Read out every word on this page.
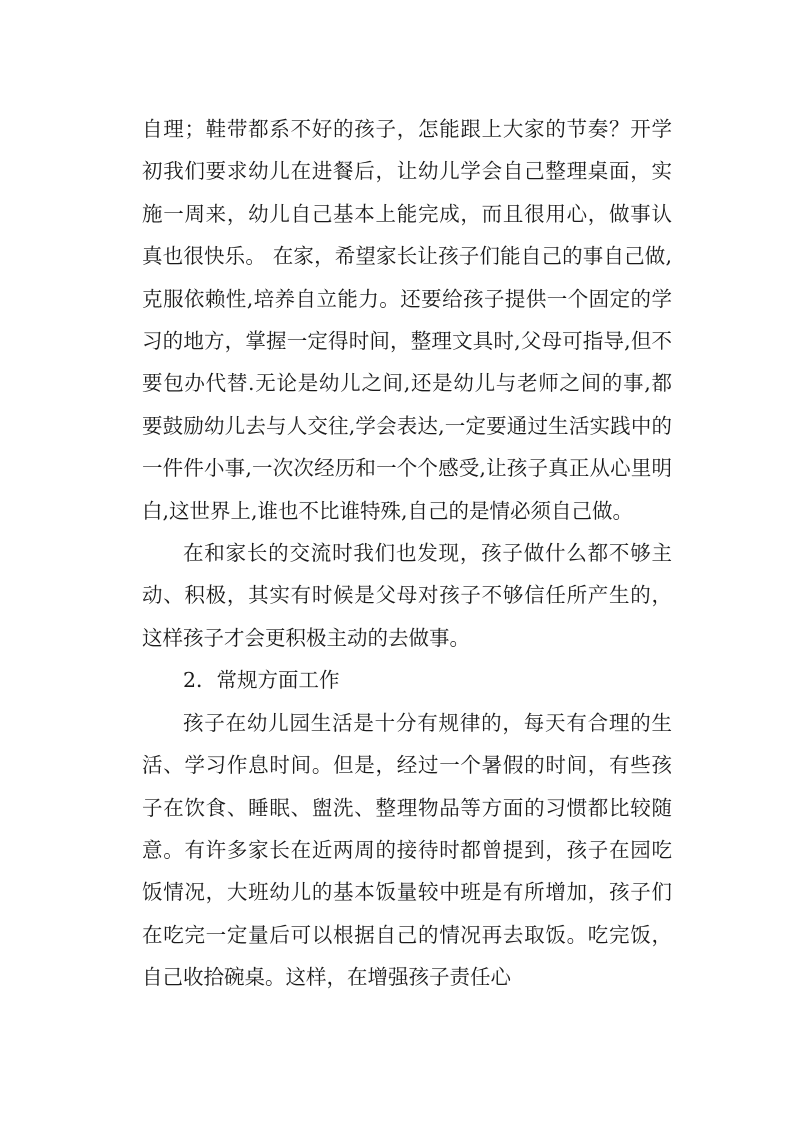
自理；鞋带都系不好的孩子，怎能跟上大家的节奏？开学初我们要求幼儿在进餐后，让幼儿学会自己整理桌面，实施一周来，幼儿自己基本上能完成，而且很用心，做事认真也很快乐。 在家，希望家长让孩子们能自己的事自己做,克服依赖性,培养自立能力。还要给孩子提供一个固定的学习的地方，掌握一定得时间，整理文具时,父母可指导,但不要包办代替.无论是幼儿之间,还是幼儿与老师之间的事,都要鼓励幼儿去与人交往,学会表达,一定要通过生活实践中的一件件小事,一次次经历和一个个感受,让孩子真正从心里明白,这世界上,谁也不比谁特殊,自己的是情必须自己做。

在和家长的交流时我们也发现，孩子做什么都不够主动、积极，其实有时候是父母对孩子不够信任所产生的，这样孩子才会更积极主动的去做事。

2．常规方面工作

孩子在幼儿园生活是十分有规律的，每天有合理的生活、学习作息时间。但是，经过一个暑假的时间，有些孩子在饮食、睡眠、盥洗、整理物品等方面的习惯都比较随意。有许多家长在近两周的接待时都曾提到，孩子在园吃饭情况，大班幼儿的基本饭量较中班是有所增加，孩子们在吃完一定量后可以根据自己的情况再去取饭。吃完饭，自己收拾碗桌。这样，在增强孩子责任心
